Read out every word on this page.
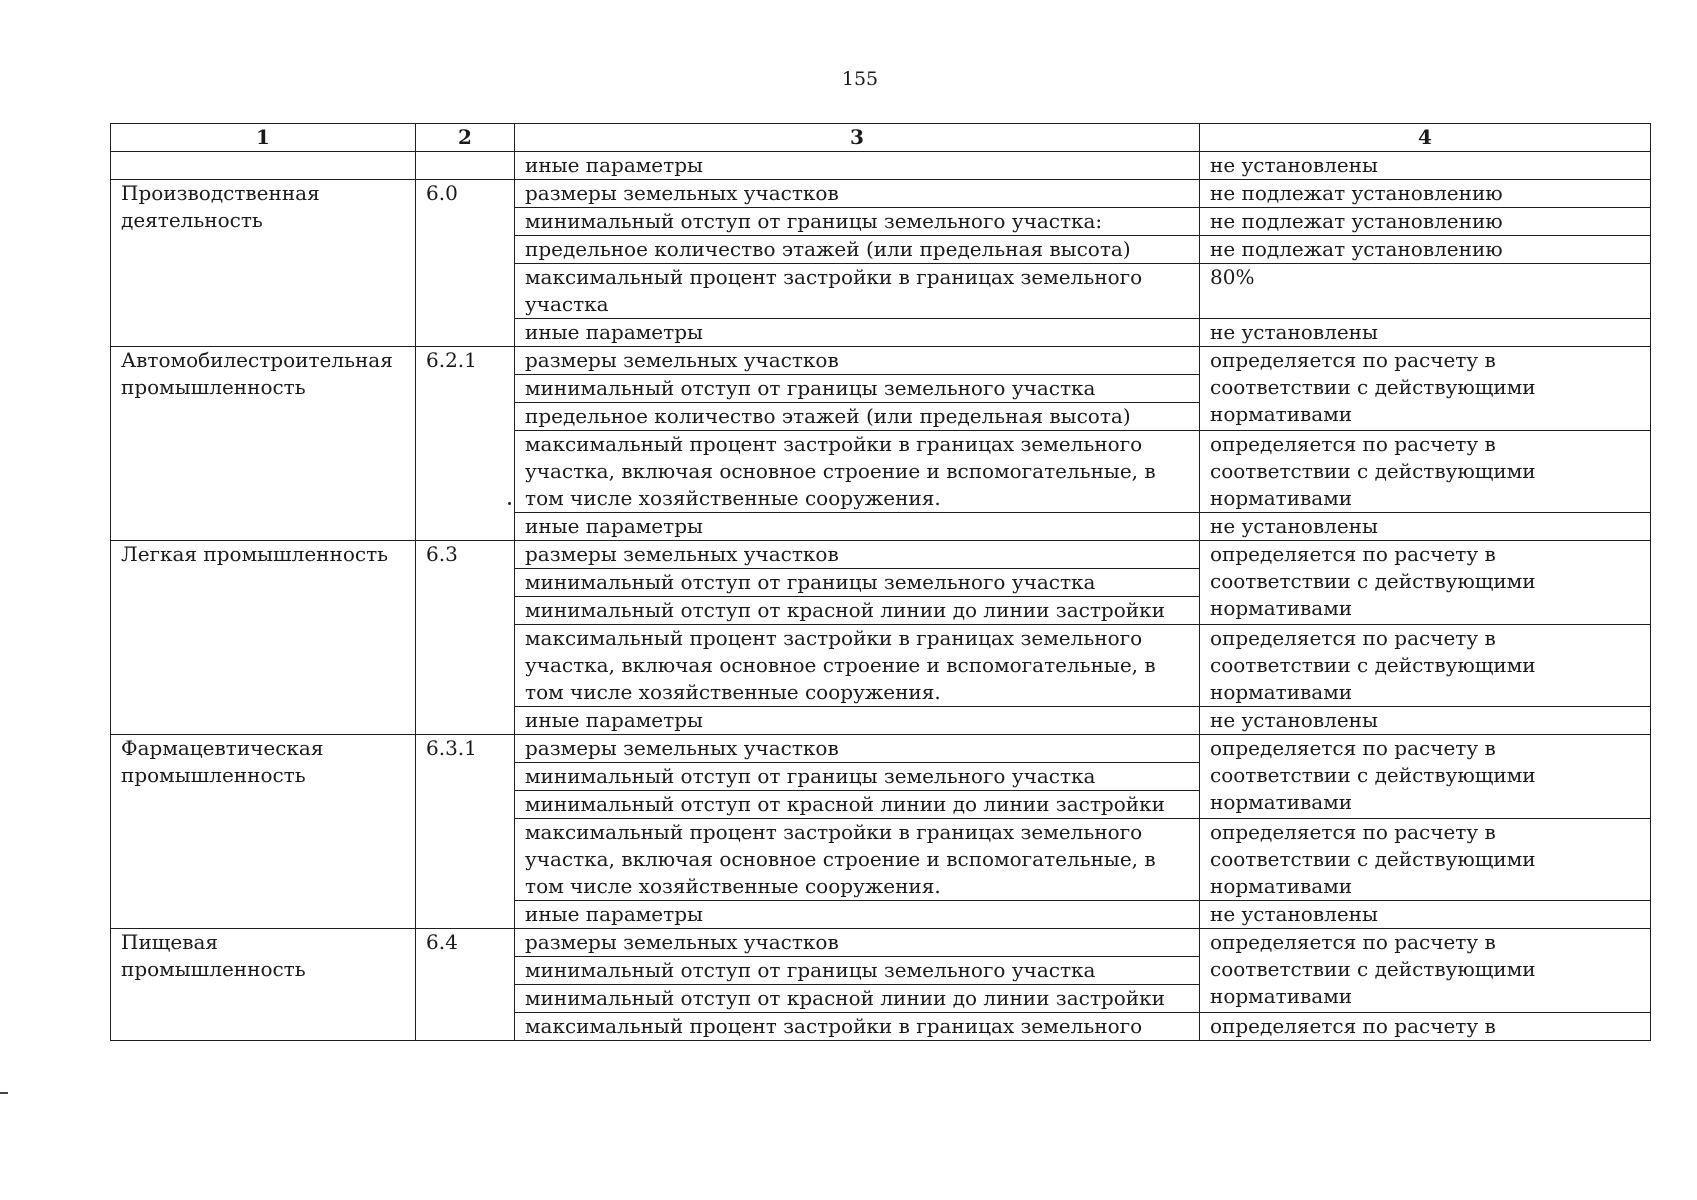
155
1	2	3	4
		иные параметры	не установлены
Производственная деятельность	6.0	размеры земельных участков	не подлежат установлению
		минимальный отступ от границы земельного участка:	не подлежат установлению
		предельное количество этажей (или предельная высота)	не подлежат установлению
		максимальный процент застройки в границах земельного участка	80%
		иные параметры	не установлены
Автомобилестроительная промышленность	6.2.1	размеры земельных участков	определяется по расчету в соответствии с действующими нормативами
		минимальный отступ от границы земельного участка	
		предельное количество этажей (или предельная высота)	
		максимальный процент застройки в границах земельного участка, включая основное строение и вспомогательные, в том числе хозяйственные сооружения.	определяется по расчету в соответствии с действующими нормативами
		иные параметры	не установлены
Легкая промышленность	6.3	размеры земельных участков	определяется по расчету в соответствии с действующими нормативами
		минимальный отступ от границы земельного участка	
		минимальный отступ от красной линии до линии застройки	
		максимальный процент застройки в границах земельного участка, включая основное строение и вспомогательные, в том числе хозяйственные сооружения.	определяется по расчету в соответствии с действующими нормативами
		иные параметры	не установлены
Фармацевтическая промышленность	6.3.1	размеры земельных участков	определяется по расчету в соответствии с действующими нормативами
		минимальный отступ от границы земельного участка	
		минимальный отступ от красной линии до линии застройки	
		максимальный процент застройки в границах земельного участка, включая основное строение и вспомогательные, в том числе хозяйственные сооружения.	определяется по расчету в соответствии с действующими нормативами
		иные параметры	не установлены
Пищевая промышленность	6.4	размеры земельных участков	определяется по расчету в соответствии с действующими нормативами
		минимальный отступ от границы земельного участка	
		минимальный отступ от красной линии до линии застройки	
		максимальный процент застройки в границах земельного	определяется по расчету в
